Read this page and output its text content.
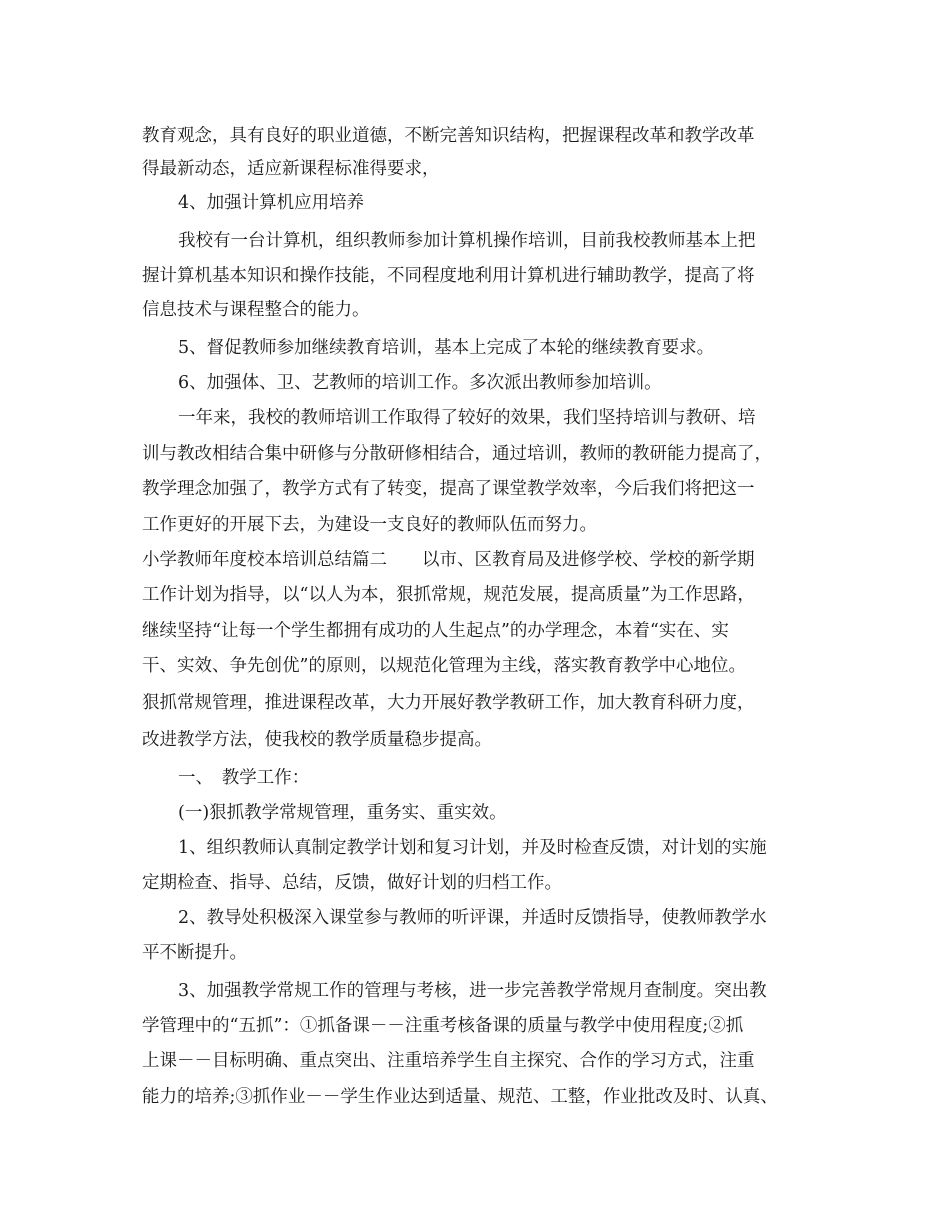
教育观念，具有良好的职业道德，不断完善知识结构，把握课程改革和教学改革
得最新动态，适应新课程标准得要求，
4、加强计算机应用培养
我校有一台计算机，组织教师参加计算机操作培训，目前我校教师基本上把
握计算机基本知识和操作技能，不同程度地利用计算机进行辅助教学，提高了将
信息技术与课程整合的能力。
5、督促教师参加继续教育培训，基本上完成了本轮的继续教育要求。
6、加强体、卫、艺教师的培训工作。多次派出教师参加培训。
一年来，我校的教师培训工作取得了较好的效果，我们坚持培训与教研、培
训与教改相结合集中研修与分散研修相结合，通过培训，教师的教研能力提高了，
教学理念加强了，教学方式有了转变，提高了课堂教学效率，今后我们将把这一
工作更好的开展下去，为建设一支良好的教师队伍而努力。
小学教师年度校本培训总结篇二　　以市、区教育局及进修学校、学校的新学期
工作计划为指导，以“以人为本，狠抓常规，规范发展，提高质量”为工作思路，
继续坚持“让每一个学生都拥有成功的人生起点”的办学理念，本着“实在、实
干、实效、争先创优”的原则，以规范化管理为主线，落实教育教学中心地位。
狠抓常规管理，推进课程改革，大力开展好教学教研工作，加大教育科研力度，
改进教学方法，使我校的教学质量稳步提高。
一、　教学工作：
(一)狠抓教学常规管理，重务实、重实效。
1、组织教师认真制定教学计划和复习计划，并及时检查反馈，对计划的实施
定期检查、指导、总结，反馈，做好计划的归档工作。
2、教导处积极深入课堂参与教师的听评课，并适时反馈指导，使教师教学水
平不断提升。
3、加强教学常规工作的管理与考核，进一步完善教学常规月查制度。突出教
学管理中的“五抓”：①抓备课－－注重考核备课的质量与教学中使用程度;②抓
上课－－目标明确、重点突出、注重培养学生自主探究、合作的学习方式，注重
能力的培养;③抓作业－－学生作业达到适量、规范、工整，作业批改及时、认真、
